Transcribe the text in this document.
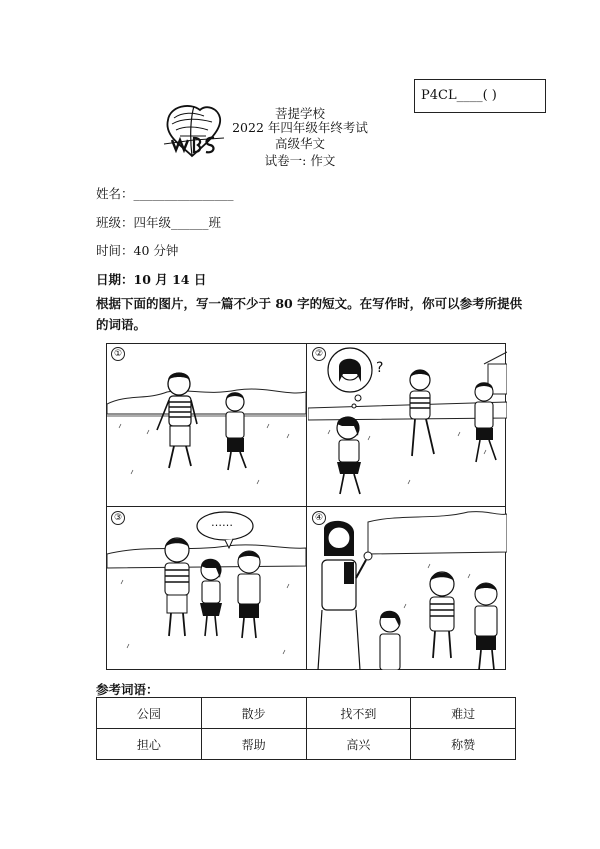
P4CL____( )
菩提学校
2022 年四年级年终考试
高级华文
试卷一: 作文
姓名：________________
班级：四年级______班
时间：40 分钟
日期：10 月 14 日
根据下面的图片，写一篇不少于 80 字的短文。在写作时，你可以参考所提供的词语。
①	②
?
③	……	④
参考词语：
公园	散步	找不到	难过
担心	帮助	高兴	称赞
